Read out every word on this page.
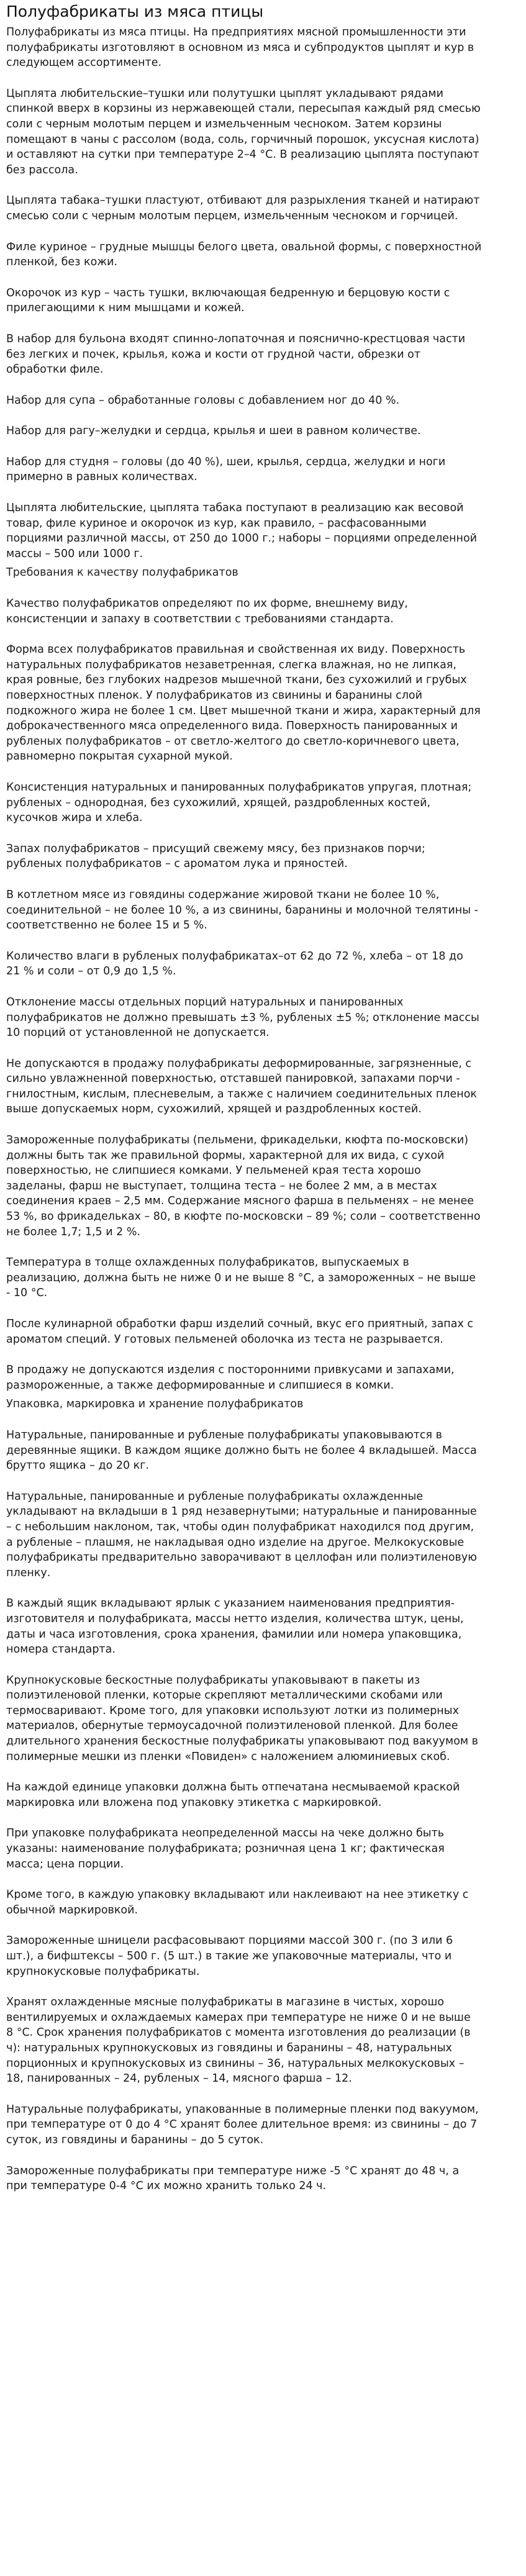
Полуфабрикаты из мяса птицы

Полуфабрикаты из мяса птицы. На предприятиях мясной промышленности эти
полуфабрикаты изготовляют в основном из мяса и субпродуктов цыплят и кур в
следующем ассортименте.

Цыплята любительские–тушки или полутушки цыплят укладывают рядами
спинкой вверх в корзины из нержавеющей стали, пересыпая каждый ряд смесью
соли с черным молотым перцем и измельченным чесноком. Затем корзины
помещают в чаны с рассолом (вода, соль, горчичный порошок, уксусная кислота)
и оставляют на сутки при температуре 2–4 °С. В реализацию цыплята поступают
без рассола.

Цыплята табака–тушки пластуют, отбивают для разрыхления тканей и натирают
смесью соли с черным молотым перцем, измельченным чесноком и горчицей.

Филе куриное – грудные мышцы белого цвета, овальной формы, с поверхностной
пленкой, без кожи.

Окорочок из кур – часть тушки, включающая бедренную и берцовую кости с
прилегающими к ним мышцами и кожей.

В набор для бульона входят спинно-лопаточная и пояснично-крестцовая части
без легких и почек, крылья, кожа и кости от грудной части, обрезки от
обработки филе.

Набор для супа – обработанные головы с добавлением ног до 40 %.

Набор для рагу–желудки и сердца, крылья и шеи в равном количестве.

Набор для студня – головы (до 40 %), шеи, крылья, сердца, желудки и ноги
примерно в равных количествах.

Цыплята любительские, цыплята табака поступают в реализацию как весовой
товар, филе куриное и окорочок из кур, как правило, – расфасованными
порциями различной массы, от 250 до 1000 г.; наборы – порциями определенной
массы – 500 или 1000 г.

Требования к качеству полуфабрикатов

Качество полуфабрикатов определяют по их форме, внешнему виду,
консистенции и запаху в соответствии с требованиями стандарта.

Форма всех полуфабрикатов правильная и свойственная их виду. Поверхность
натуральных полуфабрикатов незаветренная, слегка влажная, но не липкая,
края ровные, без глубоких надрезов мышечной ткани, без сухожилий и грубых
поверхностных пленок. У полуфабрикатов из свинины и баранины слой
подкожного жира не более 1 см. Цвет мышечной ткани и жира, характерный для
доброкачественного мяса определенного вида. Поверхность панированных и
рубленых полуфабрикатов – от светло-желтого до светло-коричневого цвета,
равномерно покрытая сухарной мукой.

Консистенция натуральных и панированных полуфабрикатов упругая, плотная;
рубленых – однородная, без сухожилий, хрящей, раздробленных костей,
кусочков жира и хлеба.

Запах полуфабрикатов – присущий свежему мясу, без признаков порчи;
рубленых полуфабрикатов – с ароматом лука и пряностей.

В котлетном мясе из говядины содержание жировой ткани не более 10 %,
соединительной – не более 10 %, а из свинины, баранины и молочной телятины -
соответственно не более 15 и 5 %.

Количество влаги в рубленых полуфабрикатах–от 62 до 72 %, хлеба – от 18 до
21 % и соли – от 0,9 до 1,5 %.

Отклонение массы отдельных порций натуральных и панированных
полуфабрикатов не должно превышать ±3 %, рубленых ±5 %; отклонение массы
10 порций от установленной не допускается.

Не допускаются в продажу полуфабрикаты деформированные, загрязненные, с
сильно увлажненной поверхностью, отставшей панировкой, запахами порчи -
гнилостным, кислым, плесневелым, а также с наличием соединительных пленок
выше допускаемых норм, сухожилий, хрящей и раздробленных костей.

Замороженные полуфабрикаты (пельмени, фрикадельки, кюфта по-московски)
должны быть так же правильной формы, характерной для их вида, с сухой
поверхностью, не слипшиеся комками. У пельменей края теста хорошо
заделаны, фарш не выступает, толщина теста – не более 2 мм, а в местах
соединения краев – 2,5 мм. Содержание мясного фарша в пельменях – не менее
53 %, во фрикадельках – 80, в кюфте по-московски – 89 %; соли – соответственно
не более 1,7; 1,5 и 2 %.

Температура в толще охлажденных полуфабрикатов, выпускаемых в
реализацию, должна быть не ниже 0 и не выше 8 °С, а замороженных – не выше
- 10 °С.

После кулинарной обработки фарш изделий сочный, вкус его приятный, запах с
ароматом специй. У готовых пельменей оболочка из теста не разрывается.

В продажу не допускаются изделия с посторонними привкусами и запахами,
размороженные, а также деформированные и слипшиеся в комки.

Упаковка, маркировка и хранение полуфабрикатов

Натуральные, панированные и рубленые полуфабрикаты упаковываются в
деревянные ящики. В каждом ящике должно быть не более 4 вкладышей. Масса
брутто ящика – до 20 кг.

Натуральные, панированные и рубленые полуфабрикаты охлажденные
укладывают на вкладыши в 1 ряд незавернутыми; натуральные и панированные
– с небольшим наклоном, так, чтобы один полуфабрикат находился под другим,
а рубленые – плашмя, не накладывая одно изделие на другое. Мелкокусковые
полуфабрикаты предварительно заворачивают в целлофан или полиэтиленовую
пленку.

В каждый ящик вкладывают ярлык с указанием наименования предприятия-
изготовителя и полуфабриката, массы нетто изделия, количества штук, цены,
даты и часа изготовления, срока хранения, фамилии или номера упаковщика,
номера стандарта.

Крупнокусковые бескостные полуфабрикаты упаковывают в пакеты из
полиэтиленовой пленки, которые скрепляют металлическими скобами или
термосваривают. Кроме того, для упаковки используют лотки из полимерных
материалов, обернутые термоусадочной полиэтиленовой пленкой. Для более
длительного хранения бескостные полуфабрикаты упаковывают под вакуумом в
полимерные мешки из пленки «Повиден» с наложением алюминиевых скоб.

На каждой единице упаковки должна быть отпечатана несмываемой краской
маркировка или вложена под упаковку этикетка с маркировкой.

При упаковке полуфабриката неопределенной массы на чеке должно быть
указаны: наименование полуфабриката; розничная цена 1 кг; фактическая
масса; цена порции.

Кроме того, в каждую упаковку вкладывают или наклеивают на нее этикетку с
обычной маркировкой.

Замороженные шницели расфасовывают порциями массой 300 г. (по 3 или 6
шт.), а бифштексы – 500 г. (5 шт.) в такие же упаковочные материалы, что и
крупнокусковые полуфабрикаты.

Хранят охлажденные мясные полуфабрикаты в магазине в чистых, хорошо
вентилируемых и охлаждаемых камерах при температуре не ниже 0 и не выше
8 °С. Срок хранения полуфабрикатов с момента изготовления до реализации (в
ч): натуральных крупнокусковых из говядины и баранины – 48, натуральных
порционных и крупнокусковых из свинины – 36, натуральных мелкокусковых –
18, панированных – 24, рубленых – 14, мясного фарша – 12.

Натуральные полуфабрикаты, упакованные в полимерные пленки под вакуумом,
при температуре от 0 до 4 °С хранят более длительное время: из свинины – до 7
суток, из говядины и баранины – до 5 суток.

Замороженные полуфабрикаты при температуре ниже -5 °С хранят до 48 ч, а
при температуре 0-4 °С их можно хранить только 24 ч.
